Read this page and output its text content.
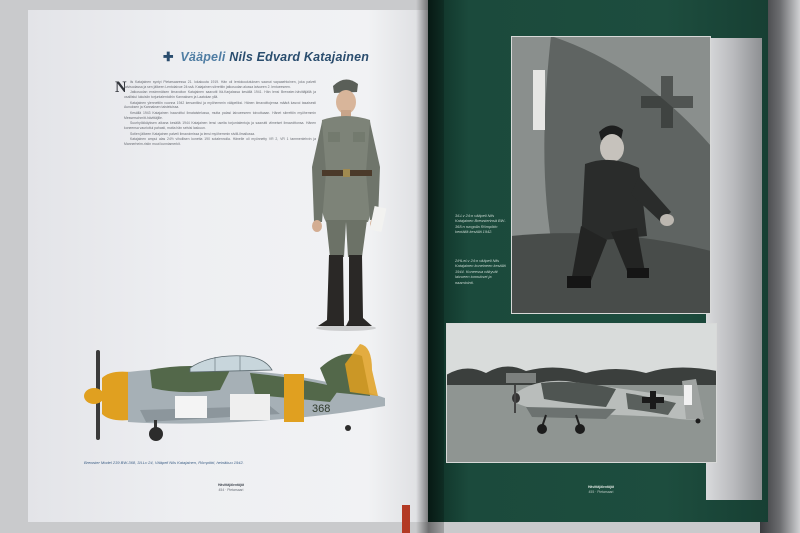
✚ Vääpeli Nils Edvard Katajainen
N	ils Katajainen syntyi Pietarsaaressa 21. lokakuuta 1919. Hän oli lentokoulutuksen saanut vapaaehtoinen, joka palveli talvisodassa ja sen jälkeen Lentolaivue 24:ssä. Katajainen siirrettiin jatkosodan alussa laivueen 2. lentueeseen.

Jatkosodan ensimmäisen ilmavoiton Katajainen saavutti Itä-Karjalassa kesällä 1941. Hän lensi Brewster-hävittäjällä ja osallistui lukuisiin torjuntalentoihin Kannaksen ja Laatokan yllä.

Katajainen ylennettiin vuonna 1942 kersantiksi ja myöhemmin vääpeliksi. Hänen ilmavoittojensa määrä kasvoi tasaisesti Aunuksen ja Kannaksen taisteluissa.

Kesällä 1943 Katajainen haavoittui ilmataistelussa, mutta palasi laivueeseen toivuttuaan. Hänet siirrettiin myöhemmin Messerschmitt-hävittäjille.

Suurhyökkäyksen aikana kesällä 1944 Katajainen lensi useita torjuntalentoja ja saavutti viimeiset ilmavoittonsa. Hänen koneensa vaurioitui pahasti, mutta hän selvisi laskuun.

Sotien jälkeen Katajainen palveli ilmavoimissa ja lensi myöhemmin siviili-ilmailussa.

Katajainen ampui alas 24½ vihollisen konetta 190 sotalennolla. Hänelle oli myönnetty VR 2, VR 1 tammenlehvin ja Mannerheim-ristin muut kunniamerkit.

368
Brewster Model 239 BW-368, 3/LLv 24, Vääpeli Nils Katajainen, Römpötti, heinäkuu 1942.
Hävittäjälentäjät
454 · Pietarsaari
3/LLv 24:n vääpeli Nils Katajainen Brewsterinsä BW-368:n rungolla Römpötin kentällä kesällä 1942.
2/HLeLv 24:n vääpeli Nils Katajainen koneineen kesällä 1944. Koneessa näkyvät laivueen tunnukset ja naamiointi.
Hävittäjälentäjät
455 · Pietarsaari
